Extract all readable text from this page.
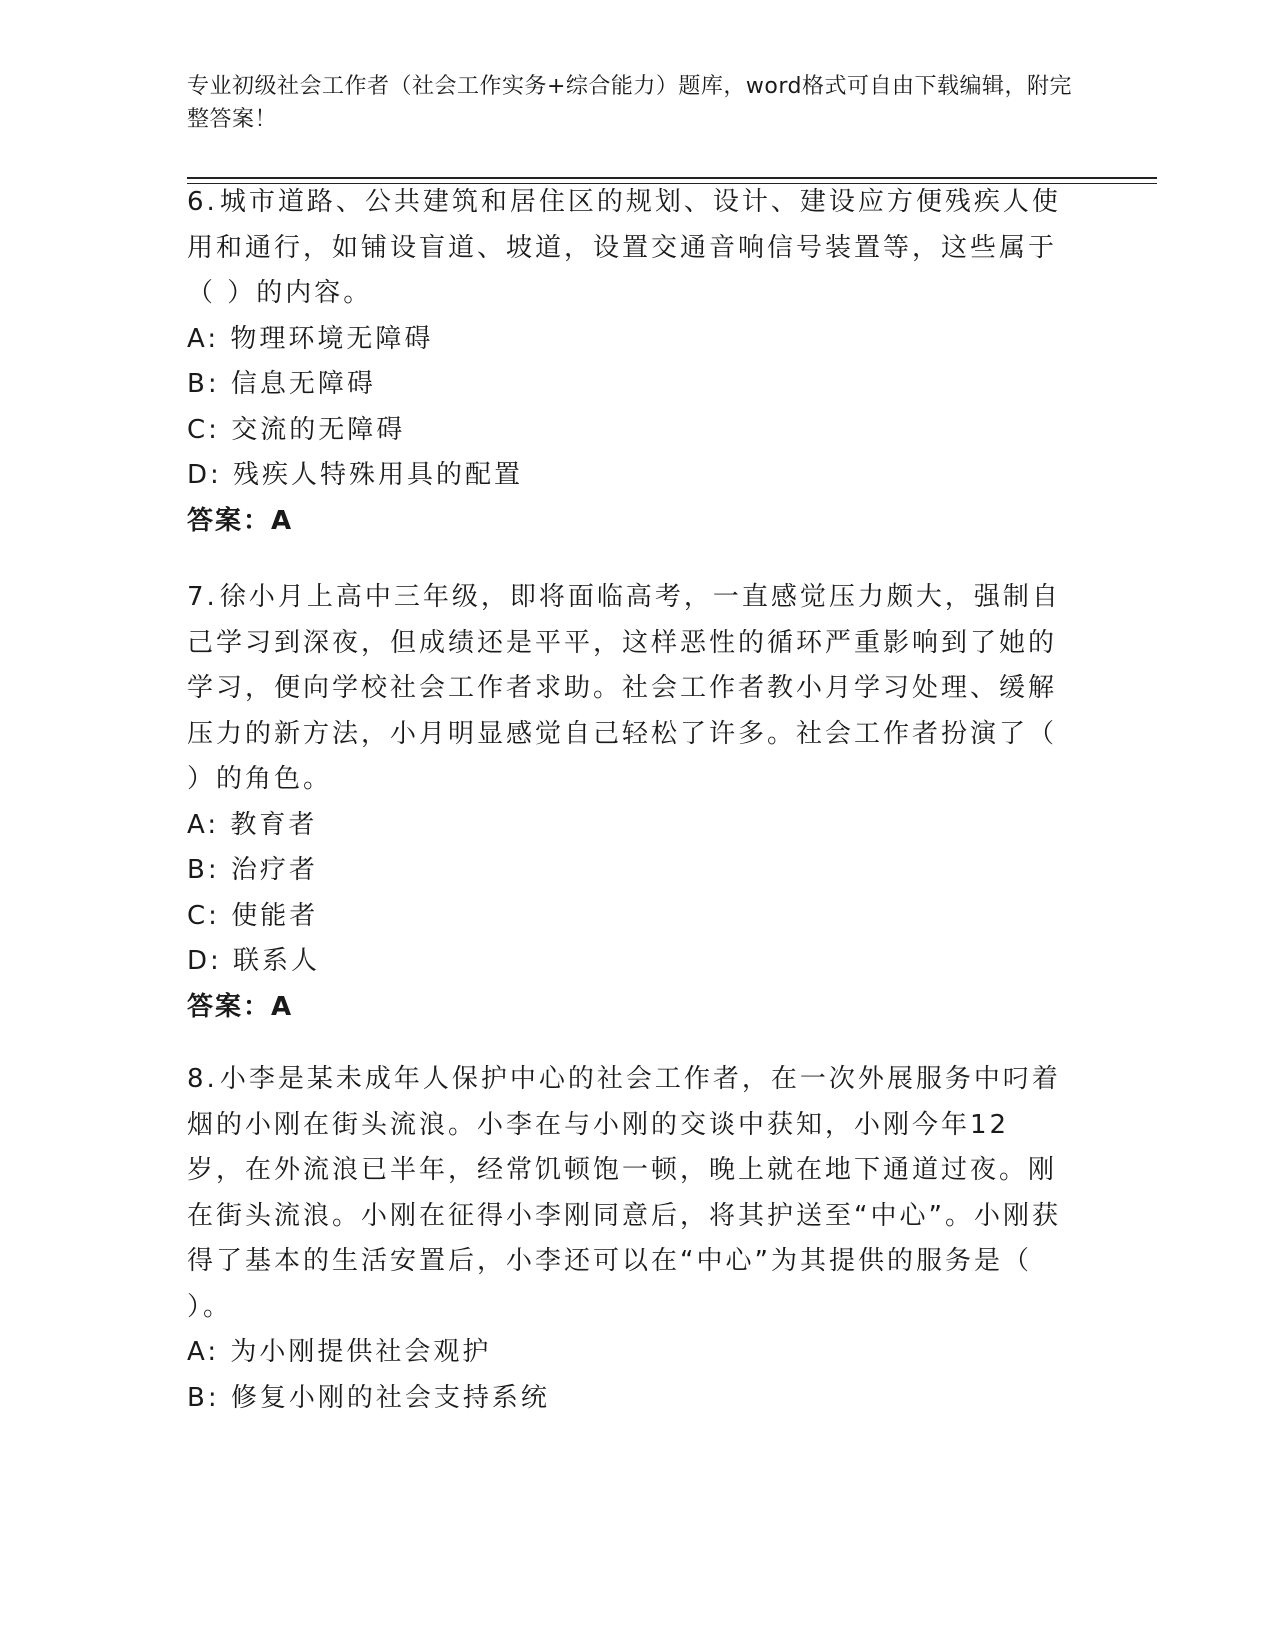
专业初级社会工作者（社会工作实务+综合能力）题库，word格式可自由下载编辑，附完整答案！
6.城市道路、公共建筑和居住区的规划、设计、建设应方便残疾人使用和通行，如铺设盲道、坡道，设置交通音响信号装置等，这些属于（ ）的内容。
A: 物理环境无障碍
B: 信息无障碍
C: 交流的无障碍
D: 残疾人特殊用具的配置
答案：A
7.徐小月上高中三年级，即将面临高考，一直感觉压力颇大，强制自己学习到深夜，但成绩还是平平，这样恶性的循环严重影响到了她的学习，便向学校社会工作者求助。社会工作者教小月学习处理、缓解压力的新方法，小月明显感觉自己轻松了许多。社会工作者扮演了（ ）的角色。
A: 教育者
B: 治疗者
C: 使能者
D: 联系人
答案：A
8.小李是某未成年人保护中心的社会工作者，在一次外展服务中叼着烟的小刚在街头流浪。小李在与小刚的交谈中获知，小刚今年12岁，在外流浪已半年，经常饥顿饱一顿，晚上就在地下通道过夜。刚在街头流浪。小刚在征得小李刚同意后，将其护送至“中心”。小刚获得了基本的生活安置后，小李还可以在“中心”为其提供的服务是（ ）。
A: 为小刚提供社会观护
B: 修复小刚的社会支持系统
